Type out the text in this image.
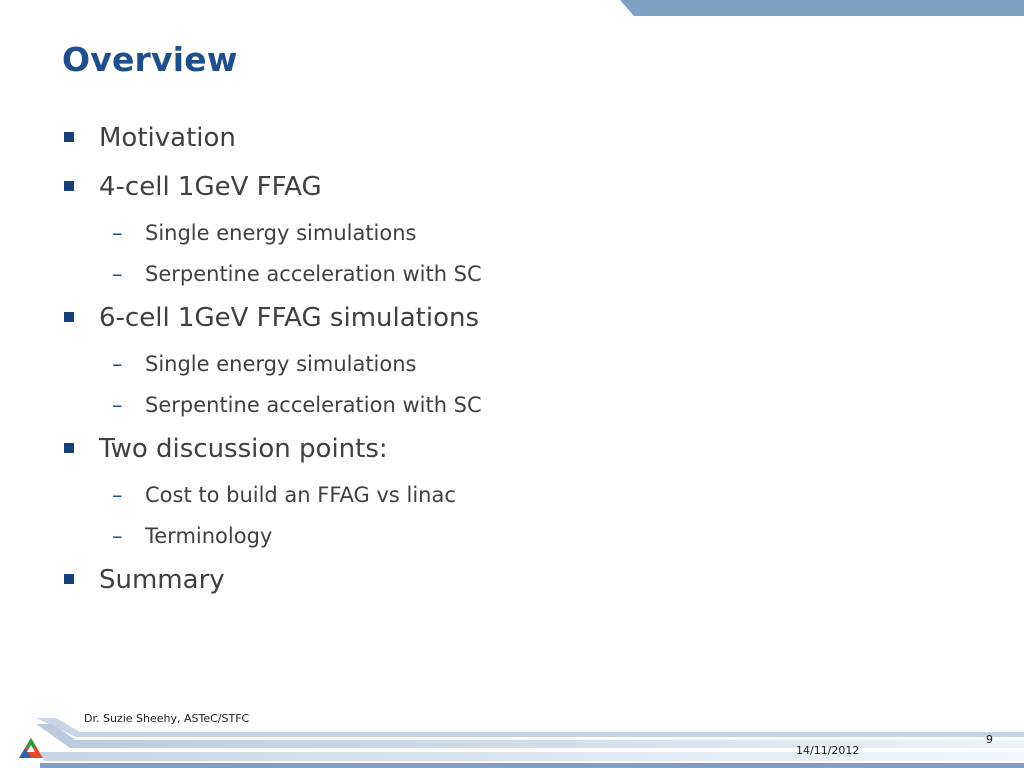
Overview
Motivation
4-cell 1GeV FFAG
– Single energy simulations
– Serpentine acceleration with SC
6-cell 1GeV FFAG simulations
– Single energy simulations
– Serpentine acceleration with SC
Two discussion points:
– Cost to build an FFAG vs linac
– Terminology
Summary
Dr. Suzie Sheehy, ASTeC/STFC
9
14/11/2012
